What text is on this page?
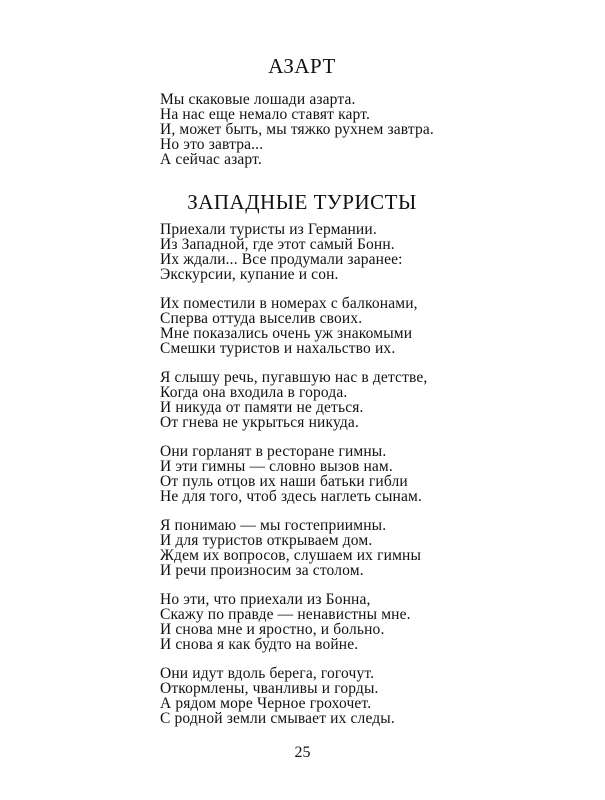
АЗАРТ
Мы скаковые лошади азарта.
На нас еще немало ставят карт.
И, может быть, мы тяжко рухнем завтра.
Но это завтра...
А сейчас азарт.
ЗАПАДНЫЕ ТУРИСТЫ
Приехали туристы из Германии.
Из Западной, где этот самый Бонн.
Их ждали... Все продумали заранее:
Экскурсии, купание и сон.
Их поместили в номерах с балконами,
Сперва оттуда выселив своих.
Мне показались очень уж знакомыми
Смешки туристов и нахальство их.
Я слышу речь, пугавшую нас в детстве,
Когда она входила в города.
И никуда от памяти не деться.
От гнева не укрыться никуда.
Они горланят в ресторане гимны.
И эти гимны — словно вызов нам.
От пуль отцов их наши батьки гибли
Не для того, чтоб здесь наглеть сынам.
Я понимаю — мы гостеприимны.
И для туристов открываем дом.
Ждем их вопросов, слушаем их гимны
И речи произносим за столом.
Но эти, что приехали из Бонна,
Скажу по правде — ненавистны мне.
И снова мне и яростно, и больно.
И снова я как будто на войне.
Они идут вдоль берега, гогочут.
Откормлены, чванливы и горды.
А рядом море Черное грохочет.
С родной земли смывает их следы.
25
